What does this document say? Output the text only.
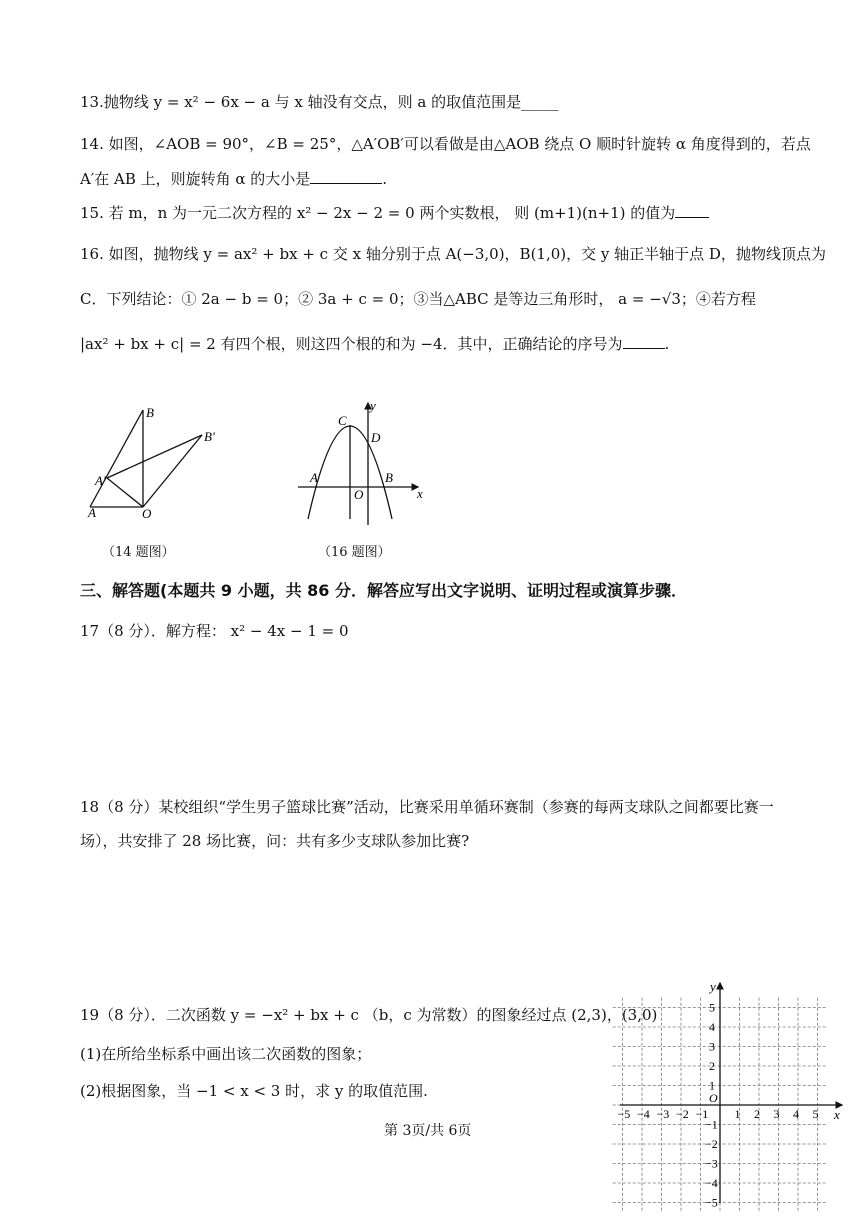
13.抛物线 y = x² − 6x − a 与 x 轴没有交点，则 a 的取值范围是_____
14. 如图，∠AOB = 90°，∠B = 25°，△A′OB′可以看做是由△AOB 绕点 O 顺时针旋转 α 角度得到的，若点
A′在 AB 上，则旋转角 α 的大小是	.
15. 若 m，n 为一元二次方程的 x² − 2x − 2 = 0 两个实数根， 则 (m+1)(n+1) 的值为
16. 如图，抛物线 y = ax² + bx + c 交 x 轴分别于点 A(−3,0)，B(1,0)，交 y 轴正半轴于点 D，抛物线顶点为
C．下列结论：① 2a − b = 0；② 3a + c = 0；③当△ABC 是等边三角形时， a = −√3；④若方程
|ax² + bx + c| = 2 有四个根，则这四个根的和为 −4．其中，正确结论的序号为	.
B
B′
A′
A	O
（14 题图）
y
C
D
A	B
O	x
（16 题图）
三、解答题(本题共 9 小题，共 86 分．解答应写出文字说明、证明过程或演算步骤．
17（8 分）．解方程： x² − 4x − 1 = 0
18（8 分）某校组织“学生男子篮球比赛”活动，比赛采用单循环赛制（参赛的每两支球队之间都要比赛一
场），共安排了 28 场比赛，问：共有多少支球队参加比赛?
19（8 分）．二次函数 y = −x² + bx + c （b，c 为常数）的图象经过点 (2,3)，(3,0)
(1)在所给坐标系中画出该二次函数的图象；
(2)根据图象，当 −1 < x < 3 时，求 y 的取值范围.
x
y
O
−5 −4 −3 −2 −1 1 2 3 4 5
5
4
3
2
1
−1
−2
−3
−4
−5
第 3页/共 6页
